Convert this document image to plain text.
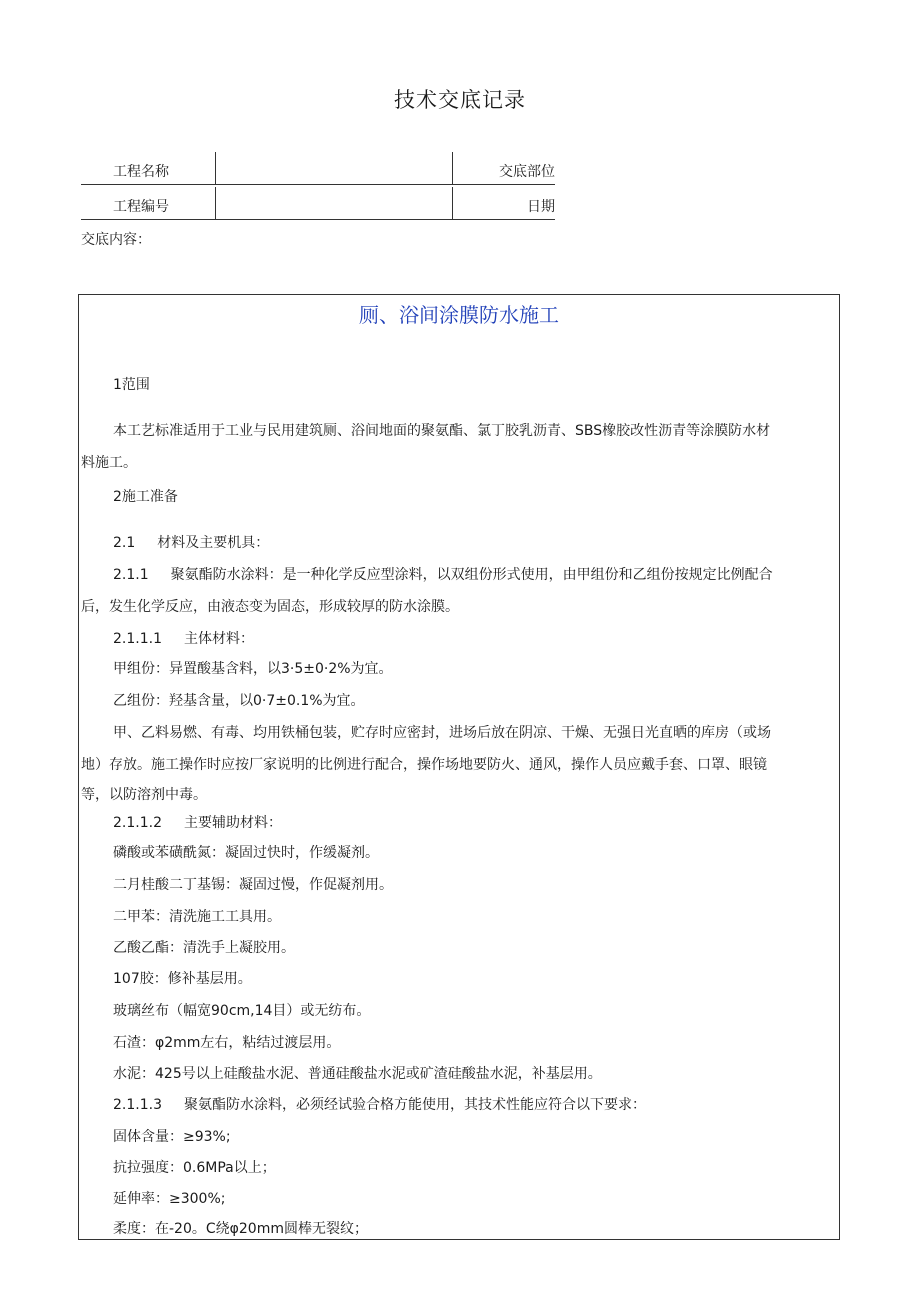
技术交底记录
工程名称	交底部位
工程编号	日期
交底内容：
厕、浴间涂膜防水施工
1范围
本工艺标准适用于工业与民用建筑厕、浴间地面的聚氨酯、氯丁胶乳沥青、SBS橡胶改性沥青等涂膜防水材
料施工。
2施工准备
2.1 材料及主要机具：
2.1.1 聚氨酯防水涂料：是一种化学反应型涂料，以双组份形式使用，由甲组份和乙组份按规定比例配合
后，发生化学反应，由液态变为固态，形成较厚的防水涂膜。
2.1.1.1 主体材料：
甲组份：异置酸基含料，以3·5±0·2%为宜。
乙组份：羟基含量，以0·7±0.1%为宜。
甲、乙料易燃、有毒、均用铁桶包装，贮存时应密封，进场后放在阴凉、干燥、无强日光直晒的库房（或场
地）存放。施工操作时应按厂家说明的比例进行配合，操作场地要防火、通风，操作人员应戴手套、口罩、眼镜
等，以防溶剂中毒。
2.1.1.2 主要辅助材料：
磷酸或苯磺酰氮：凝固过快时，作缓凝剂。
二月桂酸二丁基锡：凝固过慢，作促凝剂用。
二甲苯：清洗施工工具用。
乙酸乙酯：清洗手上凝胶用。
107胶：修补基层用。
玻璃丝布（幅宽90cm,14目）或无纺布。
石渣：φ2mm左右，粘结过渡层用。
水泥：425号以上硅酸盐水泥、普通硅酸盐水泥或矿渣硅酸盐水泥，补基层用。
2.1.1.3 聚氨酯防水涂料，必须经试验合格方能使用，其技术性能应符合以下要求：
固体含量：≥93%;
抗拉强度：0.6MPa以上；
延伸率：≥300%;
柔度：在-20。C绕φ20mm圆棒无裂纹；
